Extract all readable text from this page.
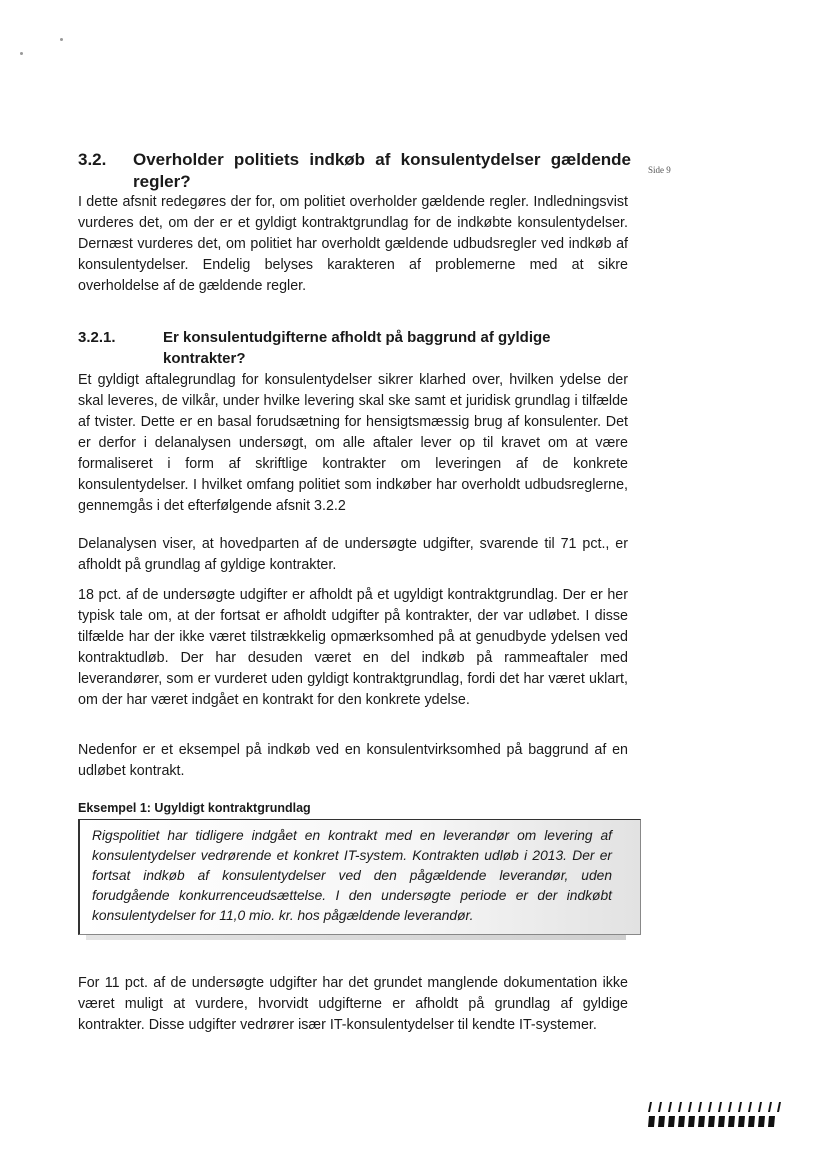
Side 9
3.2. Overholder politiets indkøb af konsulentydelser gældende regler?

I dette afsnit redegøres der for, om politiet overholder gældende regler. Indledningsvist vurderes det, om der er et gyldigt kontraktgrundlag for de indkøbte konsulentydelser. Dernæst vurderes det, om politiet har overholdt gældende udbudsregler ved indkøb af konsulentydelser. Endelig belyses karakteren af problemerne med at sikre overholdelse af de gældende regler.

3.2.1.	Er konsulentudgifterne afholdt på baggrund af gyldige kontrakter?

Et gyldigt aftalegrundlag for konsulentydelser sikrer klarhed over, hvilken ydelse der skal leveres, de vilkår, under hvilke levering skal ske samt et juridisk grundlag i tilfælde af tvister. Dette er en basal forudsætning for hensigtsmæssig brug af konsulenter. Det er derfor i delanalysen undersøgt, om alle aftaler lever op til kravet om at være formaliseret i form af skriftlige kontrakter om leveringen af de konkrete konsulentydelser. I hvilket omfang politiet som indkøber har overholdt udbudsreglerne, gennemgås i det efterfølgende afsnit 3.2.2

Delanalysen viser, at hovedparten af de undersøgte udgifter, svarende til 71 pct., er afholdt på grundlag af gyldige kontrakter.

18 pct. af de undersøgte udgifter er afholdt på et ugyldigt kontraktgrundlag. Der er her typisk tale om, at der fortsat er afholdt udgifter på kontrakter, der var udløbet. I disse tilfælde har der ikke været tilstrækkelig opmærksomhed på at genudbyde ydelsen ved kontraktudløb. Der har desuden været en del indkøb på rammeaftaler med leverandører, som er vurderet uden gyldigt kontraktgrundlag, fordi det har været uklart, om der har været indgået en kontrakt for den konkrete ydelse.

Nedenfor er et eksempel på indkøb ved en konsulentvirksomhed på baggrund af en udløbet kontrakt.

Eksempel 1: Ugyldigt kontraktgrundlag
Rigspolitiet har tidligere indgået en kontrakt med en leverandør om levering af konsulentydelser vedrørende et konkret IT-system. Kontrakten udløb i 2013. Der er fortsat indkøb af konsulentydelser ved den pågældende leverandør, uden forudgående konkurrenceudsættelse. I den undersøgte periode er der indkøbt konsulentydelser for 11,0 mio. kr. hos pågældende leverandør.

For 11 pct. af de undersøgte udgifter har det grundet manglende dokumentation ikke været muligt at vurdere, hvorvidt udgifterne er afholdt på grundlag af gyldige kontrakter. Disse udgifter vedrører især IT-konsulentydelser til kendte IT-systemer.
